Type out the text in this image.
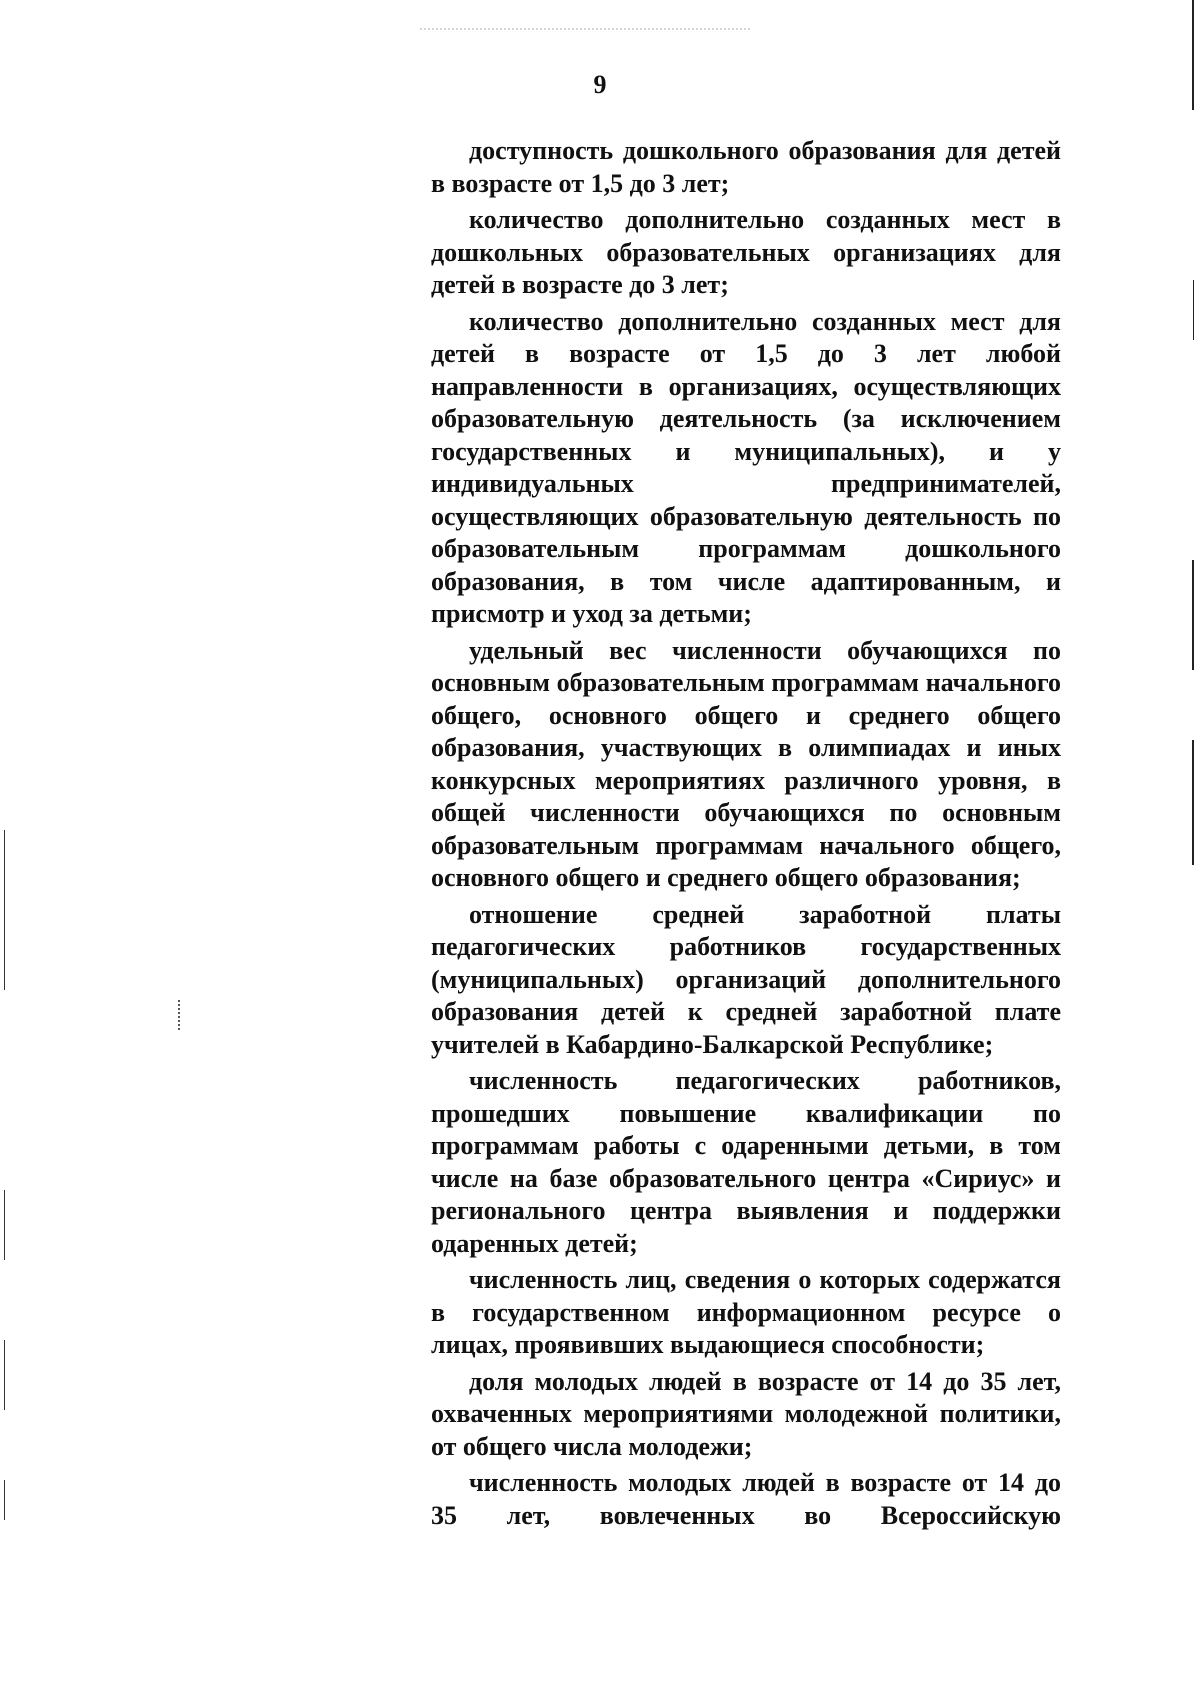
9

доступность дошкольного образования для детей в возрасте от 1,5 до 3 лет;

количество дополнительно созданных мест в дошкольных образовательных организациях для детей в возрасте до 3 лет;

количество дополнительно созданных мест для детей в возрасте от 1,5 до 3 лет любой направленности в организациях, осуществляющих образовательную деятельность (за исключением государственных и муниципальных), и у индивидуальных предпринимателей, осуществляющих образовательную деятельность по образовательным программам дошкольного образования, в том числе адаптированным, и присмотр и уход за детьми;

удельный вес численности обучающихся по основным образовательным программам начального общего, основного общего и среднего общего образования, участвующих в олимпиадах и иных конкурсных мероприятиях различного уровня, в общей численности обучающихся по основным образовательным программам начального общего, основного общего и среднего общего образования;

отношение средней заработной платы педагогических работников государственных (муниципальных) организаций дополнительного образования детей к средней заработной плате учителей в Кабардино-Балкарской Республике;

численность педагогических работников, прошедших повышение квалификации по программам работы с одаренными детьми, в том числе на базе образовательного центра «Сириус» и регионального центра выявления и поддержки одаренных детей;

численность лиц, сведения о которых содержатся в государственном информационном ресурсе о лицах, проявивших выдающиеся способности;

доля молодых людей в возрасте от 14 до 35 лет, охваченных мероприятиями молодежной политики, от общего числа молодежи;

численность молодых людей в возрасте от 14 до 35 лет, вовлеченных во Всероссийскую
